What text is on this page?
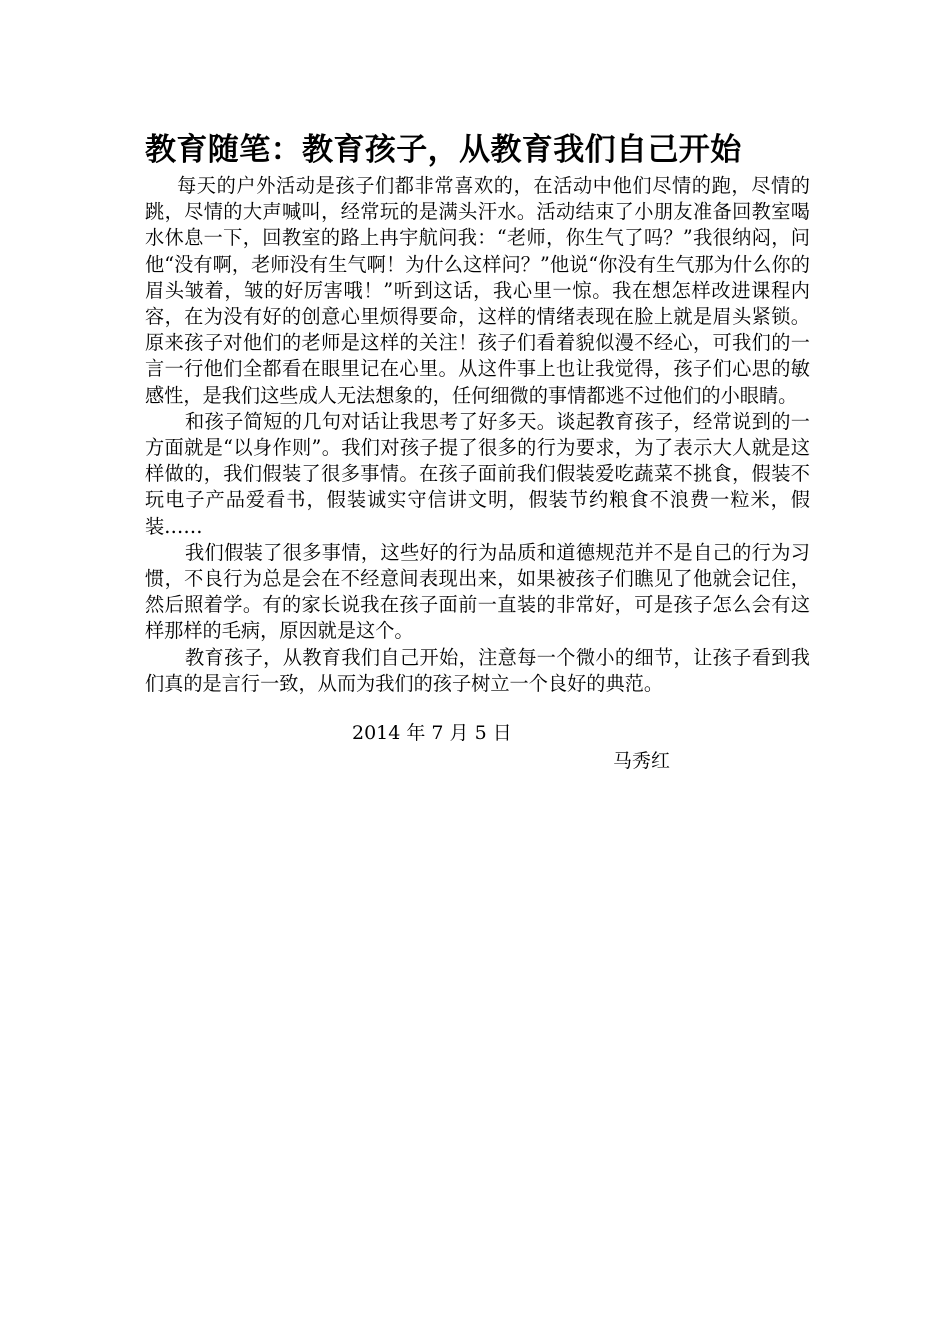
教育随笔：教育孩子，从教育我们自己开始

每天的户外活动是孩子们都非常喜欢的，在活动中他们尽情的跑，尽情的跳，尽情的大声喊叫，经常玩的是满头汗水。活动结束了小朋友准备回教室喝水休息一下，回教室的路上冉宇航问我：“老师，你生气了吗？”我很纳闷，问他“没有啊，老师没有生气啊！为什么这样问？”他说“你没有生气那为什么你的眉头皱着，皱的好厉害哦！”听到这话，我心里一惊。我在想怎样改进课程内容，在为没有好的创意心里烦得要命，这样的情绪表现在脸上就是眉头紧锁。原来孩子对他们的老师是这样的关注！孩子们看着貌似漫不经心，可我们的一言一行他们全都看在眼里记在心里。从这件事上也让我觉得，孩子们心思的敏感性，是我们这些成人无法想象的，任何细微的事情都逃不过他们的小眼睛。

和孩子简短的几句对话让我思考了好多天。谈起教育孩子，经常说到的一方面就是“以身作则”。我们对孩子提了很多的行为要求，为了表示大人就是这样做的，我们假装了很多事情。在孩子面前我们假装爱吃蔬菜不挑食，假装不玩电子产品爱看书，假装诚实守信讲文明，假装节约粮食不浪费一粒米，假装……

我们假装了很多事情，这些好的行为品质和道德规范并不是自己的行为习惯，不良行为总是会在不经意间表现出来，如果被孩子们瞧见了他就会记住，然后照着学。有的家长说我在孩子面前一直装的非常好，可是孩子怎么会有这样那样的毛病，原因就是这个。

教育孩子，从教育我们自己开始，注意每一个微小的细节，让孩子看到我们真的是言行一致，从而为我们的孩子树立一个良好的典范。

2014 年 7 月 5 日
马秀红
